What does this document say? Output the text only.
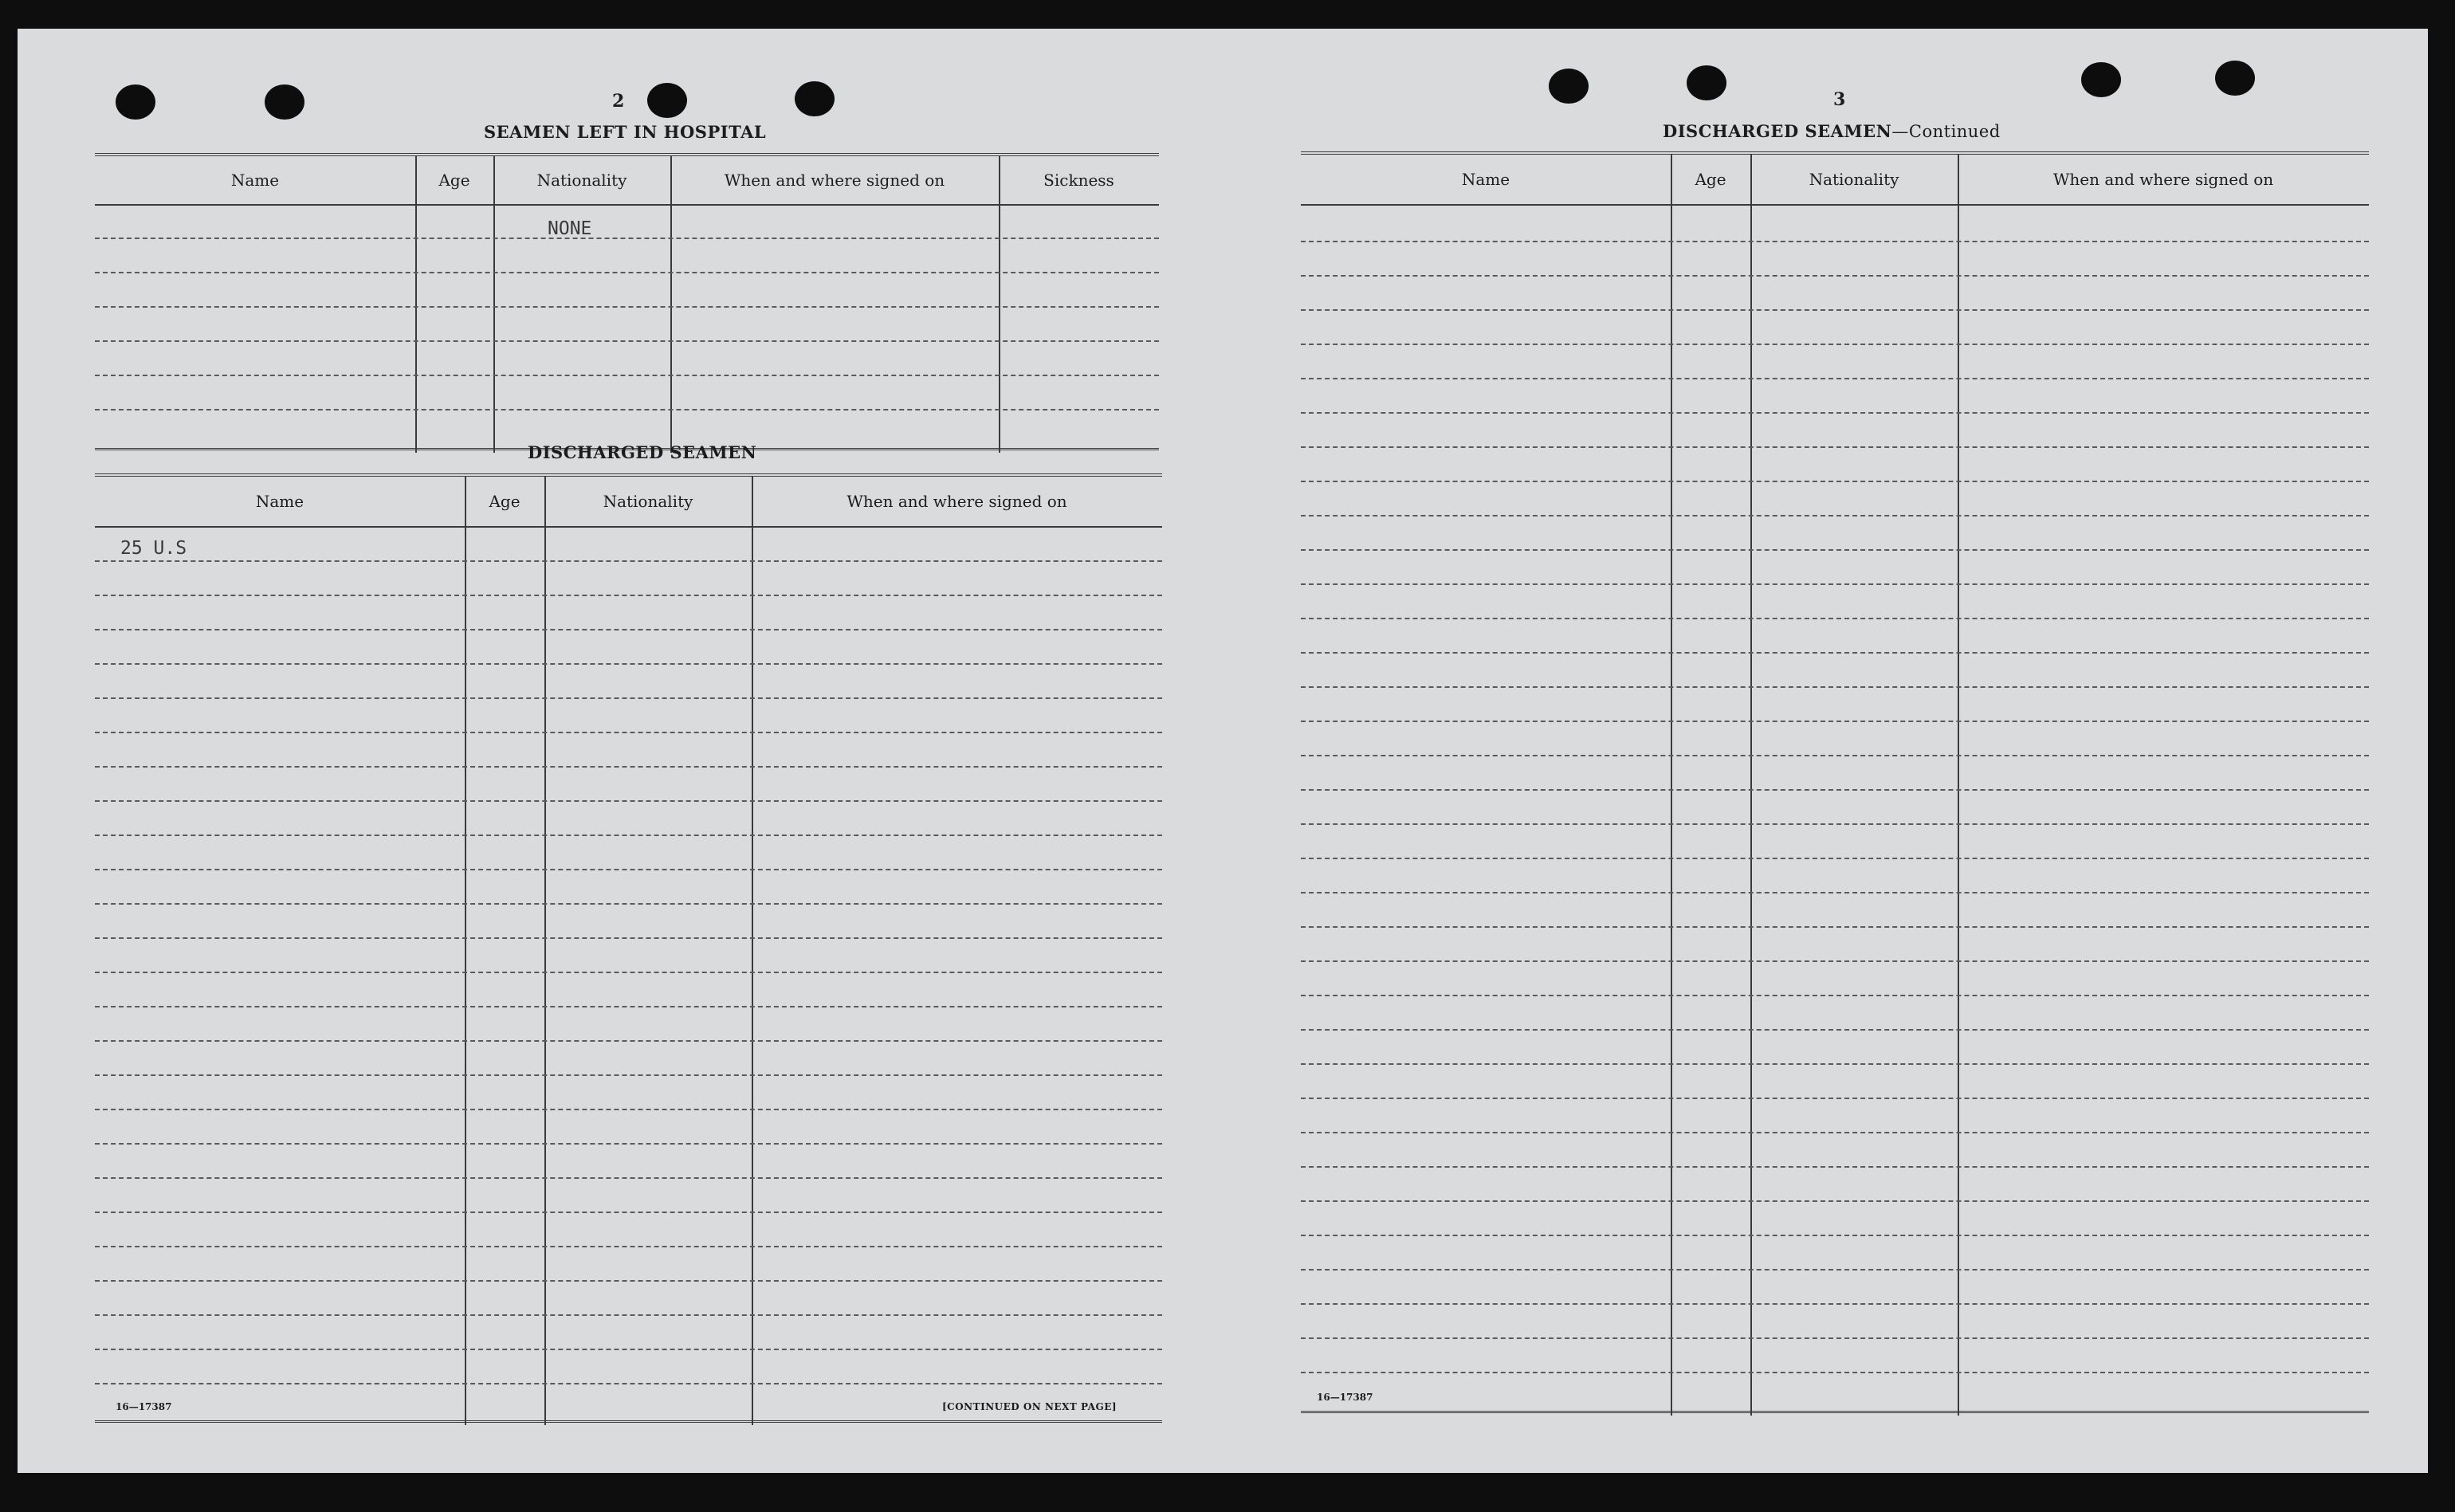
2
SEAMEN LEFT IN HOSPITAL
Name	Age	Nationality	When and where signed on	Sickness
NONE
DISCHARGED SEAMEN
Name	Age	Nationality	When and where signed on
25 U.S
16—17387	[CONTINUED ON NEXT PAGE]
3
DISCHARGED SEAMEN—Continued
Name	Age	Nationality	When and where signed on
16—17387
